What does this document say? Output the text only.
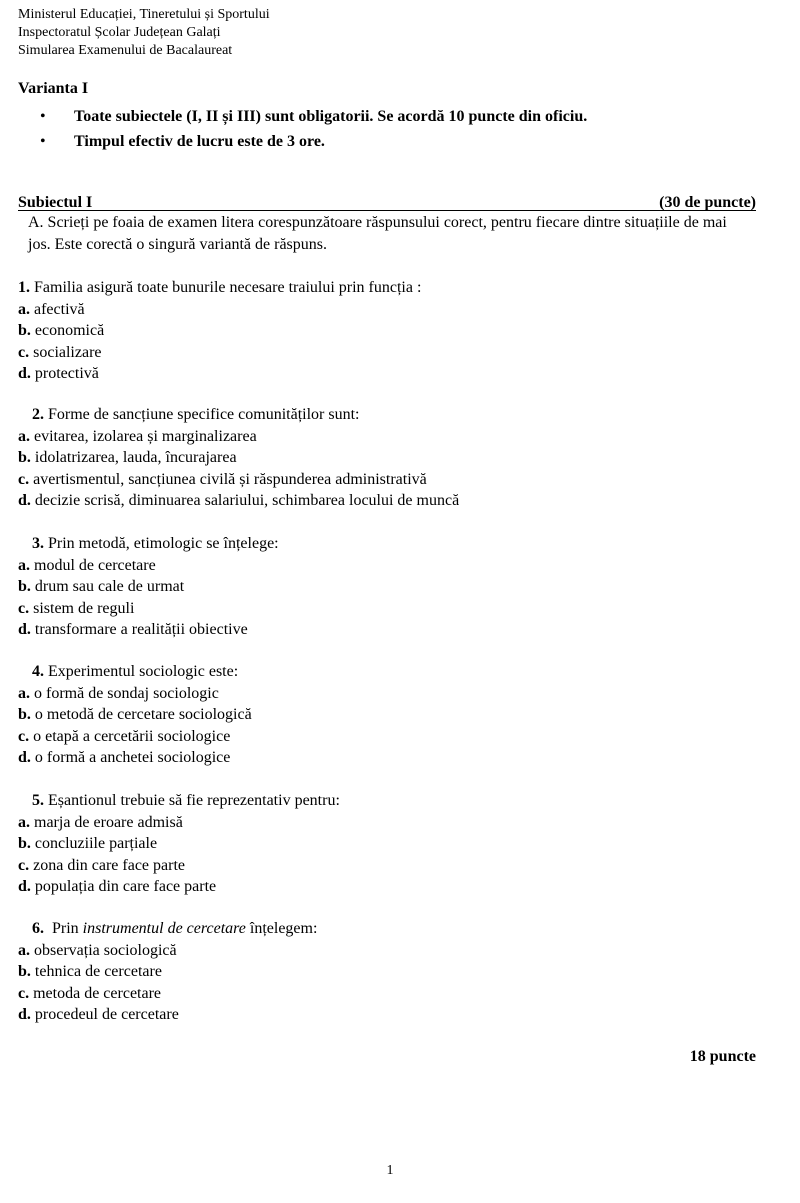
Ministerul Educației, Tineretului și Sportului
Inspectoratul Școlar Județean Galați
Simularea Examenului de Bacalaureat
Varianta I
• Toate subiectele (I, II și III) sunt obligatorii. Se acordă 10 puncte din oficiu.
• Timpul efectiv de lucru este de 3 ore.
Subiectul I	(30 de puncte)
A. Scrieți pe foaia de examen litera corespunzătoare răspunsului corect, pentru fiecare dintre situațiile de mai jos. Este corectă o singură variantă de răspuns.
1. Familia asigură toate bunurile necesare traiului prin funcția :
a. afectivă
b. economică
c. socializare
d. protectivă
2. Forme de sancțiune specifice comunităților sunt:
a. evitarea, izolarea și marginalizarea
b. idolatrizarea, lauda, încurajarea
c. avertismentul, sancțiunea civilă și răspunderea administrativă
d. decizie scrisă, diminuarea salariului, schimbarea locului de muncă
3. Prin metodă, etimologic se înțelege:
a. modul de cercetare
b. drum sau cale de urmat
c. sistem de reguli
d. transformare a realității obiective
4. Experimentul sociologic este:
a. o formă de sondaj sociologic
b. o metodă de cercetare sociologică
c. o etapă a cercetării sociologice
d. o formă a anchetei sociologice
5. Eșantionul trebuie să fie reprezentativ pentru:
a. marja de eroare admisă
b. concluziile parțiale
c. zona din care face parte
d. populația din care face parte
6.  Prin instrumentul de cercetare înțelegem:
a. observația sociologică
b. tehnica de cercetare
c. metoda de cercetare
d. procedeul de cercetare
18 puncte
1
